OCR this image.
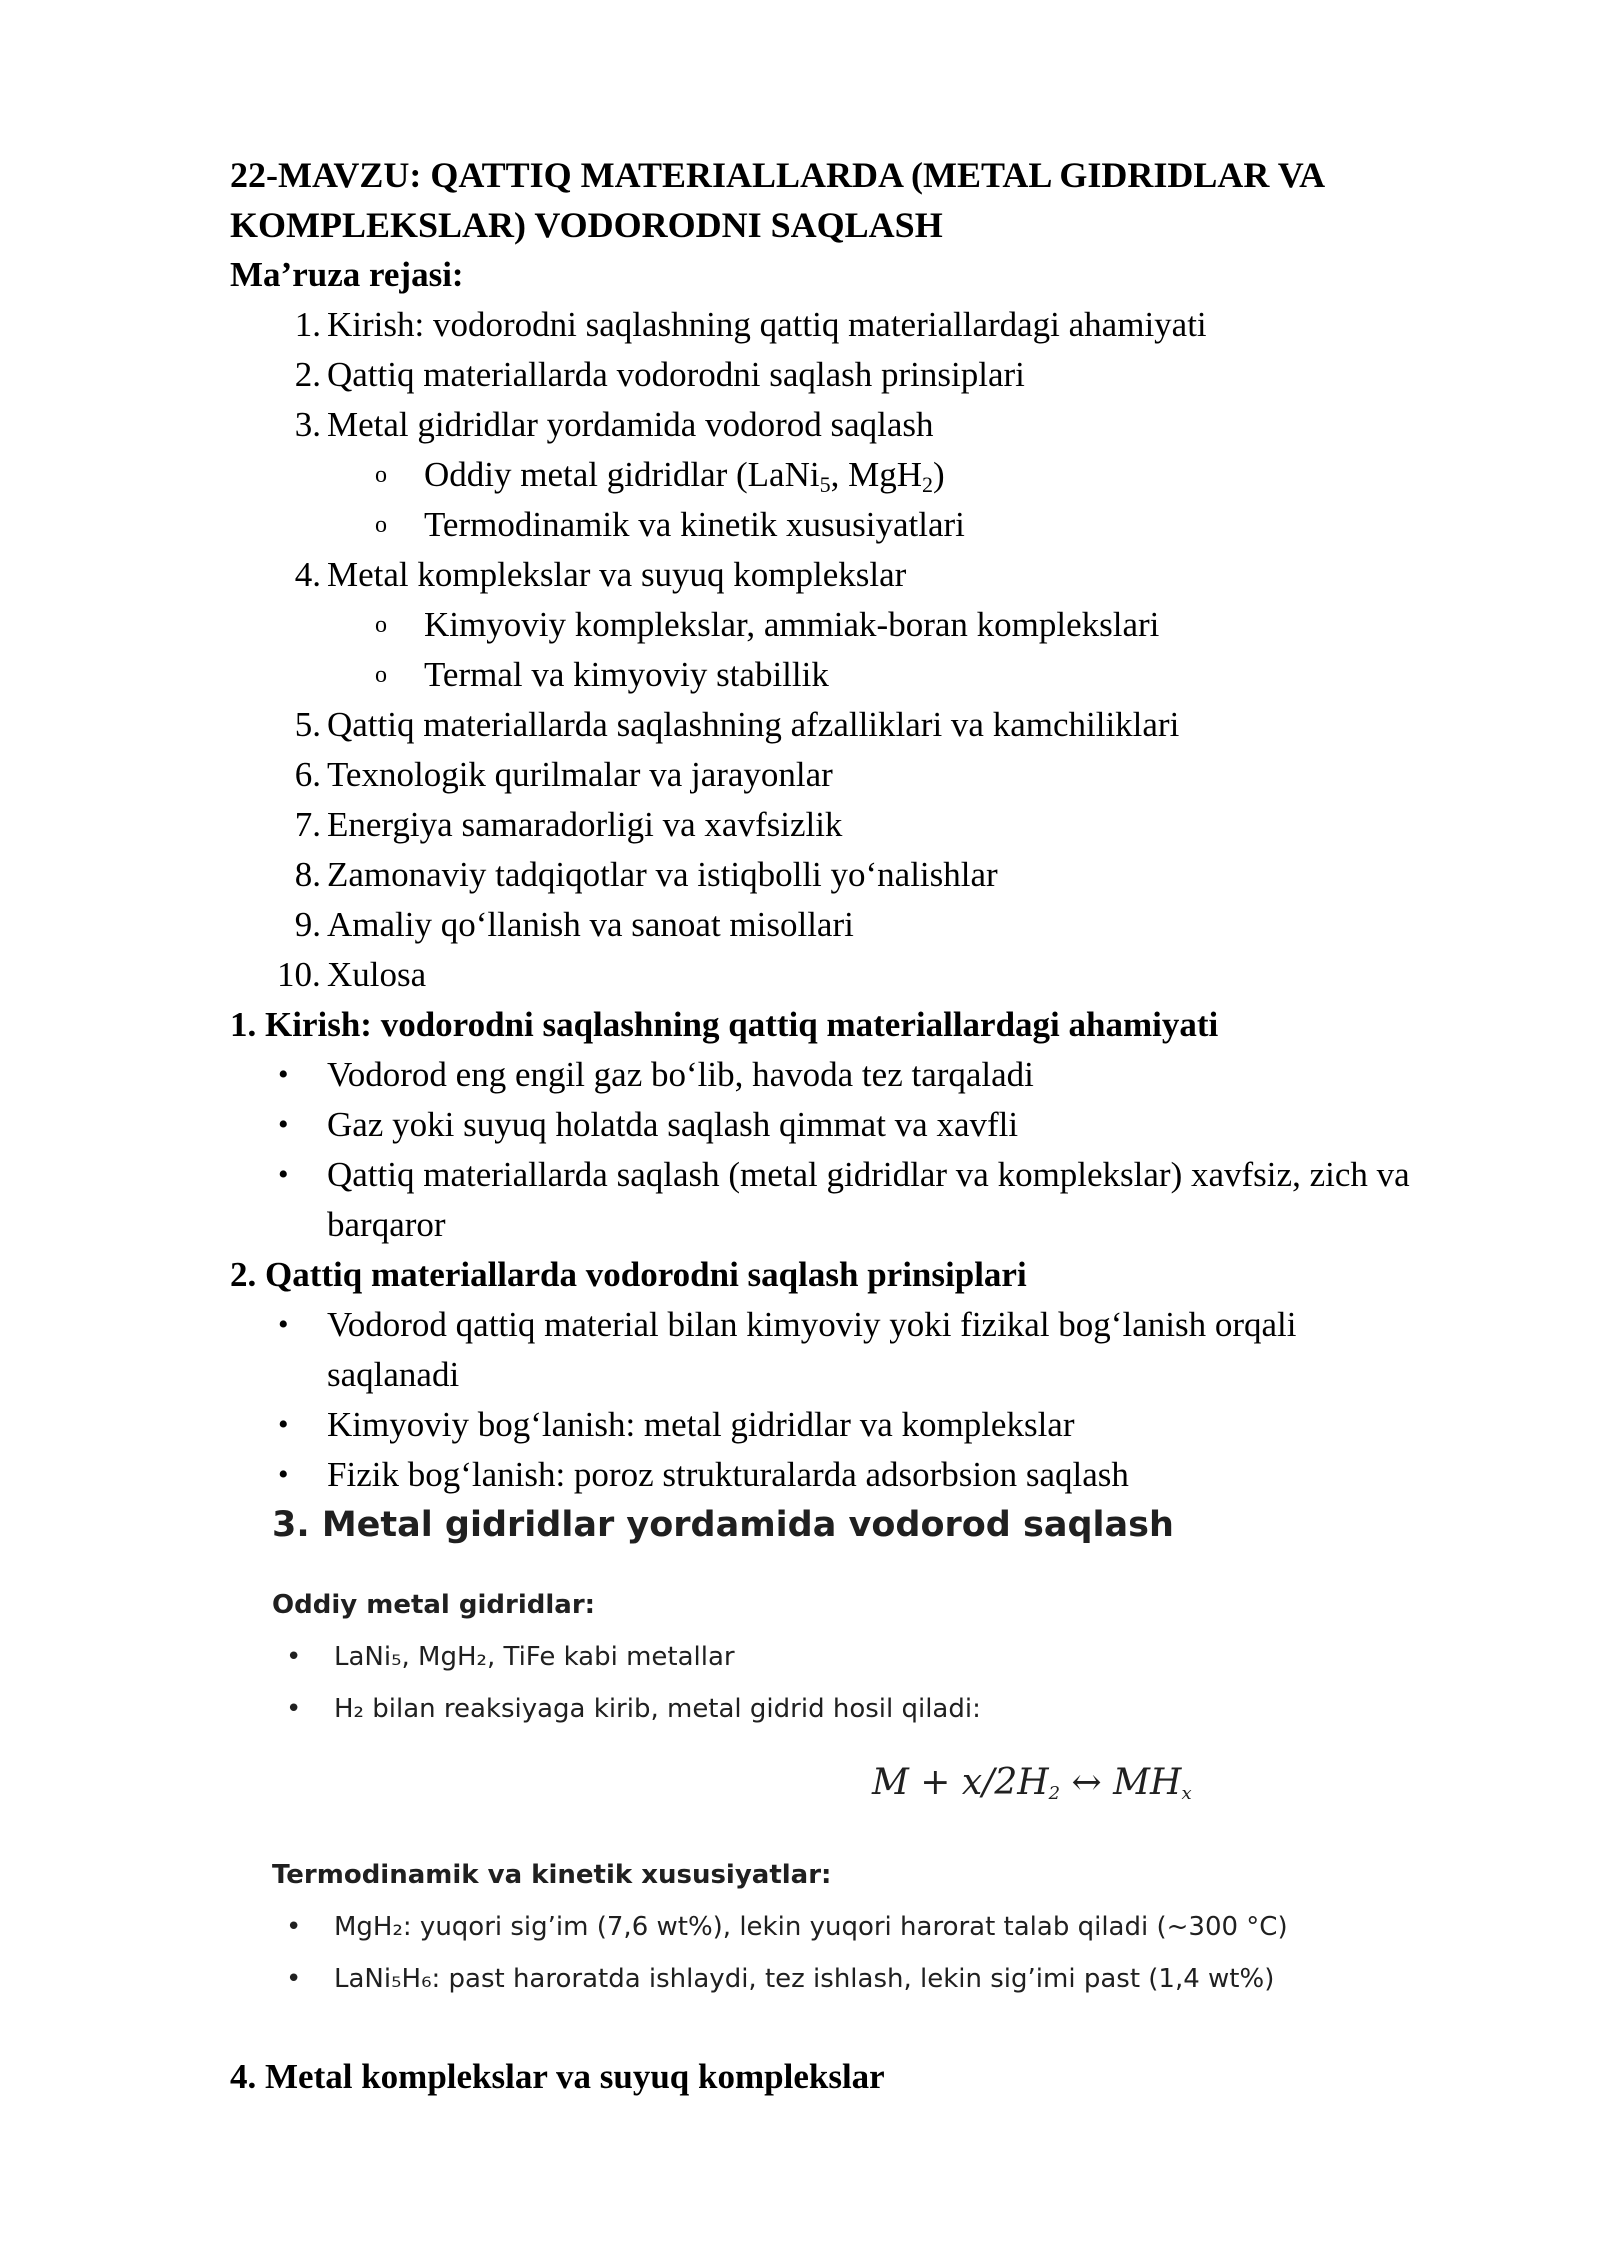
22-MAVZU: QATTIQ MATERIALLARDA (METAL GIDRIDLAR VA
KOMPLEKSLAR) VODORODNI SAQLASH

Ma’ruza rejasi:
1. Kirish: vodorodni saqlashning qattiq materiallardagi ahamiyati
2. Qattiq materiallarda vodorodni saqlash prinsiplari
3. Metal gidridlar yordamida vodorod saqlash
o Oddiy metal gidridlar (LaNi$_5$, MgH$_2$)
o Termodinamik va kinetik xususiyatlari
4. Metal komplekslar va suyuq komplekslar
o Kimyoviy komplekslar, ammiak-boran komplekslari
o Termal va kimyoviy stabillik
5. Qattiq materiallarda saqlashning afzalliklari va kamchiliklari
6. Texnologik qurilmalar va jarayonlar
7. Energiya samaradorligi va xavfsizlik
8. Zamonaviy tadqiqotlar va istiqbolli yo‘nalishlar
9. Amaliy qo‘llanish va sanoat misollari
10. Xulosa
1. Kirish: vodorodni saqlashning qattiq materiallardagi ahamiyati
• Vodorod eng engil gaz bo‘lib, havoda tez tarqaladi
• Gaz yoki suyuq holatda saqlash qimmat va xavfli
• Qattiq materiallarda saqlash (metal gidridlar va komplekslar) xavfsiz, zich va barqaror
2. Qattiq materiallarda vodorodni saqlash prinsiplari
• Vodorod qattiq material bilan kimyoviy yoki fizikal bog‘lanish orqali saqlanadi
• Kimyoviy bog‘lanish: metal gidridlar va komplekslar
• Fizik bog‘lanish: poroz strukturalarda adsorbsion saqlash
3. Metal gidridlar yordamida vodorod saqlash
Oddiy metal gidridlar:
• LaNi₅, MgH₂, TiFe kabi metallar
• H₂ bilan reaksiyaga kirib, metal gidrid hosil qiladi:
$M + x/2H_2$ ↔ $MH_x$
Termodinamik va kinetik xususiyatlar:
• MgH₂: yuqori sig’im (7,6 wt%), lekin yuqori harorat talab qiladi (~300 °C)
• LaNi₅H₆: past haroratda ishlaydi, tez ishlash, lekin sig’imi past (1,4 wt%)
4. Metal komplekslar va suyuq komplekslar
